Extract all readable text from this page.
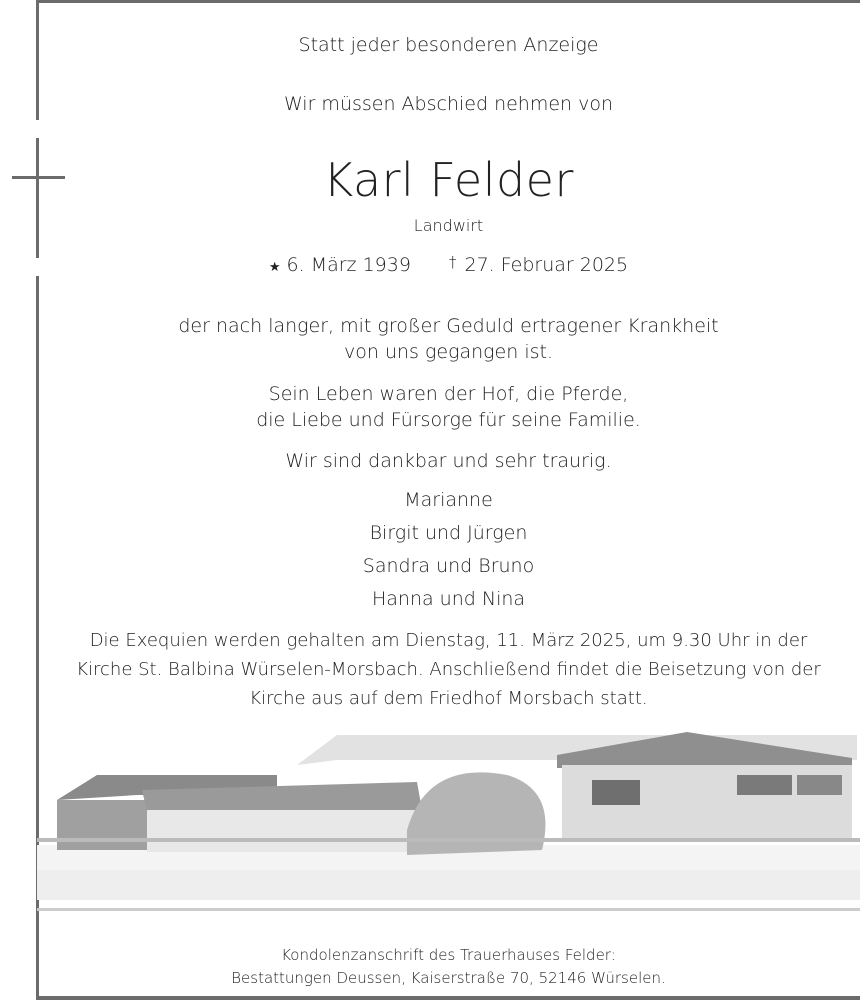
Statt jeder besonderen Anzeige
Wir müssen Abschied nehmen von
Karl Felder
Landwirt
★ 6. März 1939	† 27. Februar 2025
der nach langer, mit großer Geduld ertragener Krankheit
von uns gegangen ist.
Sein Leben waren der Hof, die Pferde,
die Liebe und Fürsorge für seine Familie.
Wir sind dankbar und sehr traurig.
Marianne
Birgit und Jürgen
Sandra und Bruno
Hanna und Nina
Die Exequien werden gehalten am Dienstag, 11. März 2025, um 9.30 Uhr in der
Kirche St. Balbina Würselen-Morsbach. Anschließend findet die Beisetzung von der
Kirche aus auf dem Friedhof Morsbach statt.
Kondolenzanschrift des Trauerhauses Felder:
Bestattungen Deussen, Kaiserstraße 70, 52146 Würselen.
